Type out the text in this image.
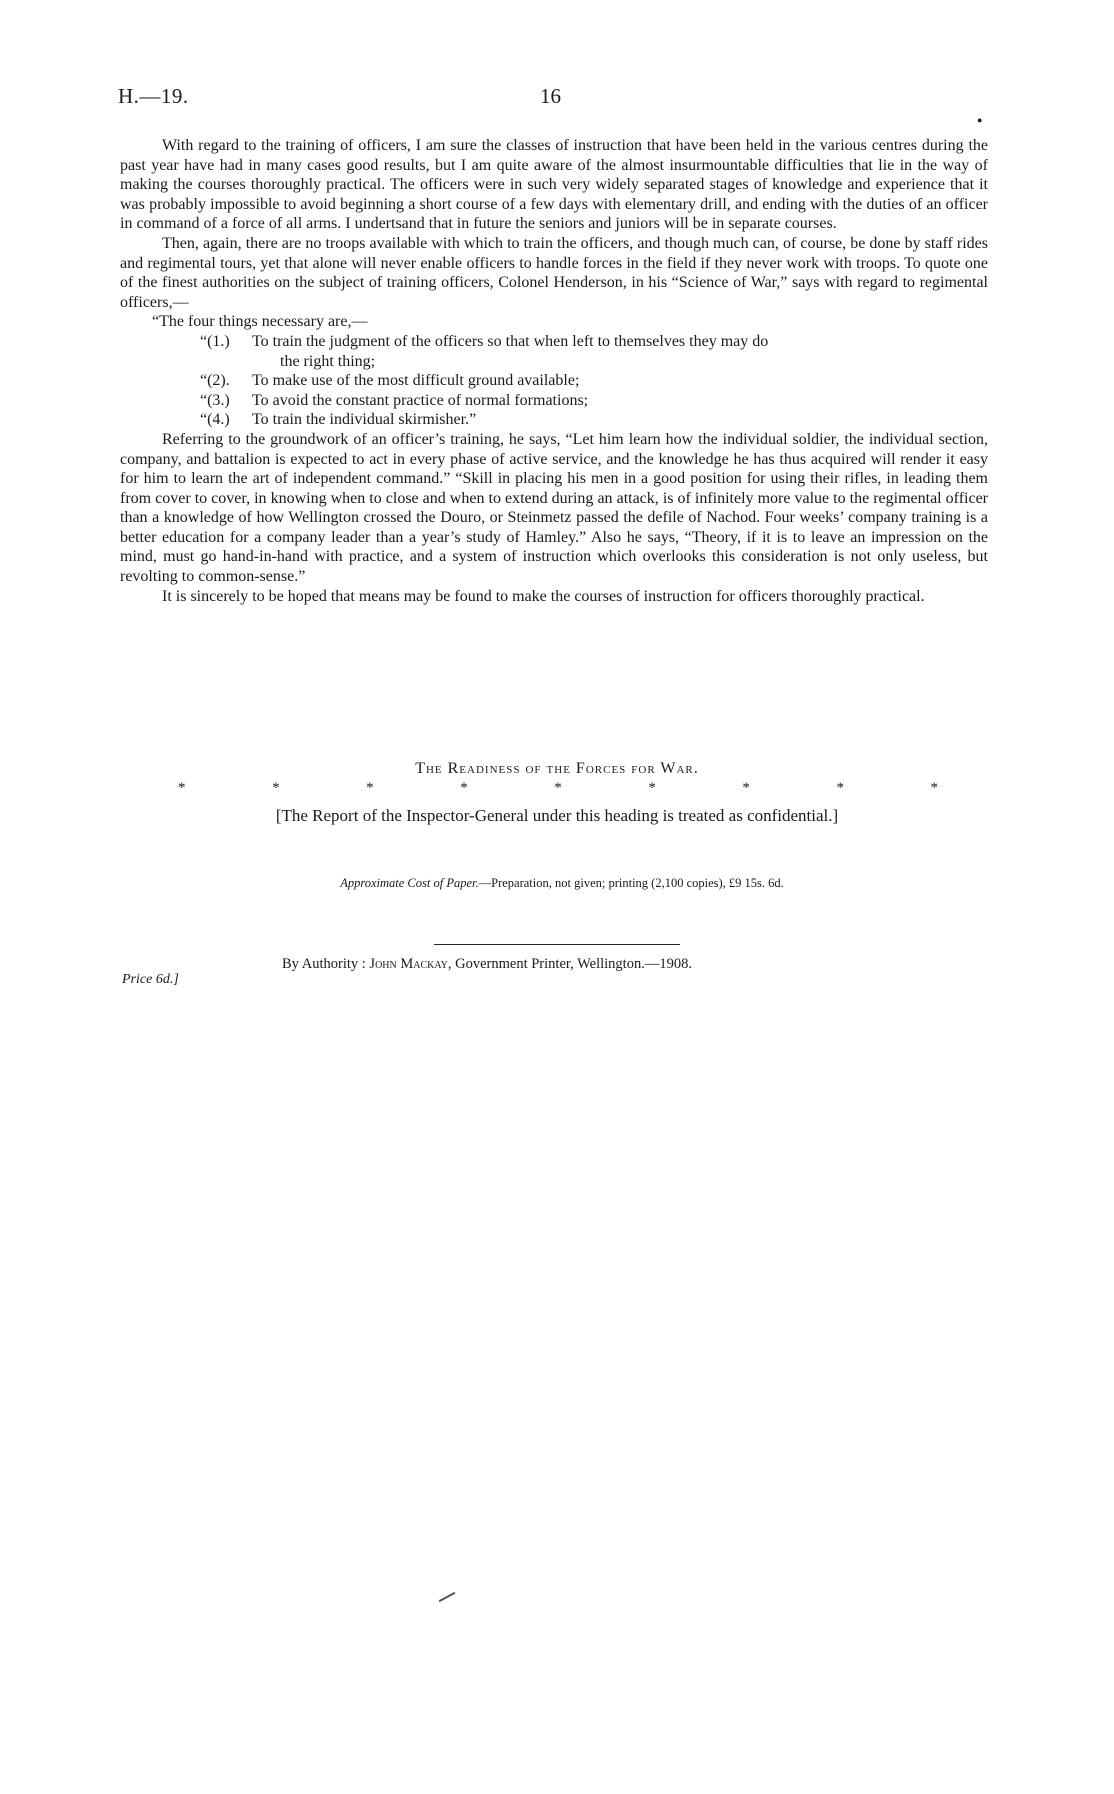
H.—19.	16
●

With regard to the training of officers, I am sure the classes of instruction that have been held in the various centres during the past year have had in many cases good results, but I am quite aware of the almost insurmountable difficulties that lie in the way of making the courses thoroughly practical. The officers were in such very widely separated stages of knowledge and experience that it was probably impossible to avoid beginning a short course of a few days with elementary drill, and ending with the duties of an officer in command of a force of all arms. I undertsand that in future the seniors and juniors will be in separate courses.

Then, again, there are no troops available with which to train the officers, and though much can, of course, be done by staff rides and regimental tours, yet that alone will never enable officers to handle forces in the field if they never work with troops. To quote one of the finest authorities on the subject of training officers, Colonel Henderson, in his “Science of War,” says with regard to regimental officers,—

“The four things necessary are,—
“(1.) To train the judgment of the officers so that when left to themselves they may do
the right thing;
“(2). To make use of the most difficult ground available;
“(3.) To avoid the constant practice of normal formations;
“(4.) To train the individual skirmisher.”

Referring to the groundwork of an officer’s training, he says, “Let him learn how the individual soldier, the individual section, company, and battalion is expected to act in every phase of active service, and the knowledge he has thus acquired will render it easy for him to learn the art of independent command.” “Skill in placing his men in a good position for using their rifles, in leading them from cover to cover, in knowing when to close and when to extend during an attack, is of infinitely more value to the regimental officer than a knowledge of how Wellington crossed the Douro, or Steinmetz passed the defile of Nachod. Four weeks’ company training is a better education for a company leader than a year’s study of Hamley.” Also he says, “Theory, if it is to leave an impression on the mind, must go hand-in-hand with practice, and a system of instruction which overlooks this consideration is not only useless, but revolting to common-sense.”

It is sincerely to be hoped that means may be found to make the courses of instruction for officers thoroughly practical.

The Readiness of the Forces for War.
*	*	*	*	*	*	*	*	*
[The Report of the Inspector-General under this heading is treated as confidential.]
Approximate Cost of Paper.—Preparation, not given; printing (2,100 copies), £9 15s. 6d.
Price 6d.]
By Authority : John Mackay, Government Printer, Wellington.—1908.
